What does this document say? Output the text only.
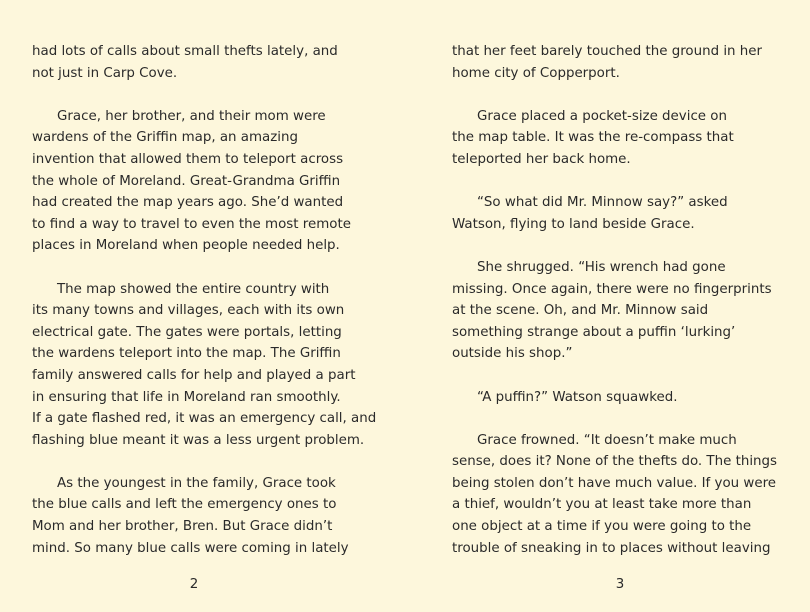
had lots of calls about small thefts lately, and
not just in Carp Cove.

Grace, her brother, and their mom were
wardens of the Griffin map, an amazing
invention that allowed them to teleport across
the whole of Moreland. Great-Grandma Griffin
had created the map years ago. She’d wanted
to find a way to travel to even the most remote
places in Moreland when people needed help.

The map showed the entire country with
its many towns and villages, each with its own
electrical gate. The gates were portals, letting
the wardens teleport into the map. The Griffin
family answered calls for help and played a part
in ensuring that life in Moreland ran smoothly.
If a gate flashed red, it was an emergency call, and
flashing blue meant it was a less urgent problem.

As the youngest in the family, Grace took
the blue calls and left the emergency ones to
Mom and her brother, Bren. But Grace didn’t
mind. So many blue calls were coming in lately

2

that her feet barely touched the ground in her
home city of Copperport.

Grace placed a pocket-size device on
the map table. It was the re-compass that
teleported her back home.

“So what did Mr. Minnow say?” asked
Watson, flying to land beside Grace.

She shrugged. “His wrench had gone
missing. Once again, there were no fingerprints
at the scene. Oh, and Mr. Minnow said
something strange about a puffin ‘lurking’
outside his shop.”

“A puffin?” Watson squawked.

Grace frowned. “It doesn’t make much
sense, does it? None of the thefts do. The things
being stolen don’t have much value. If you were
a thief, wouldn’t you at least take more than
one object at a time if you were going to the
trouble of sneaking in to places without leaving

3
